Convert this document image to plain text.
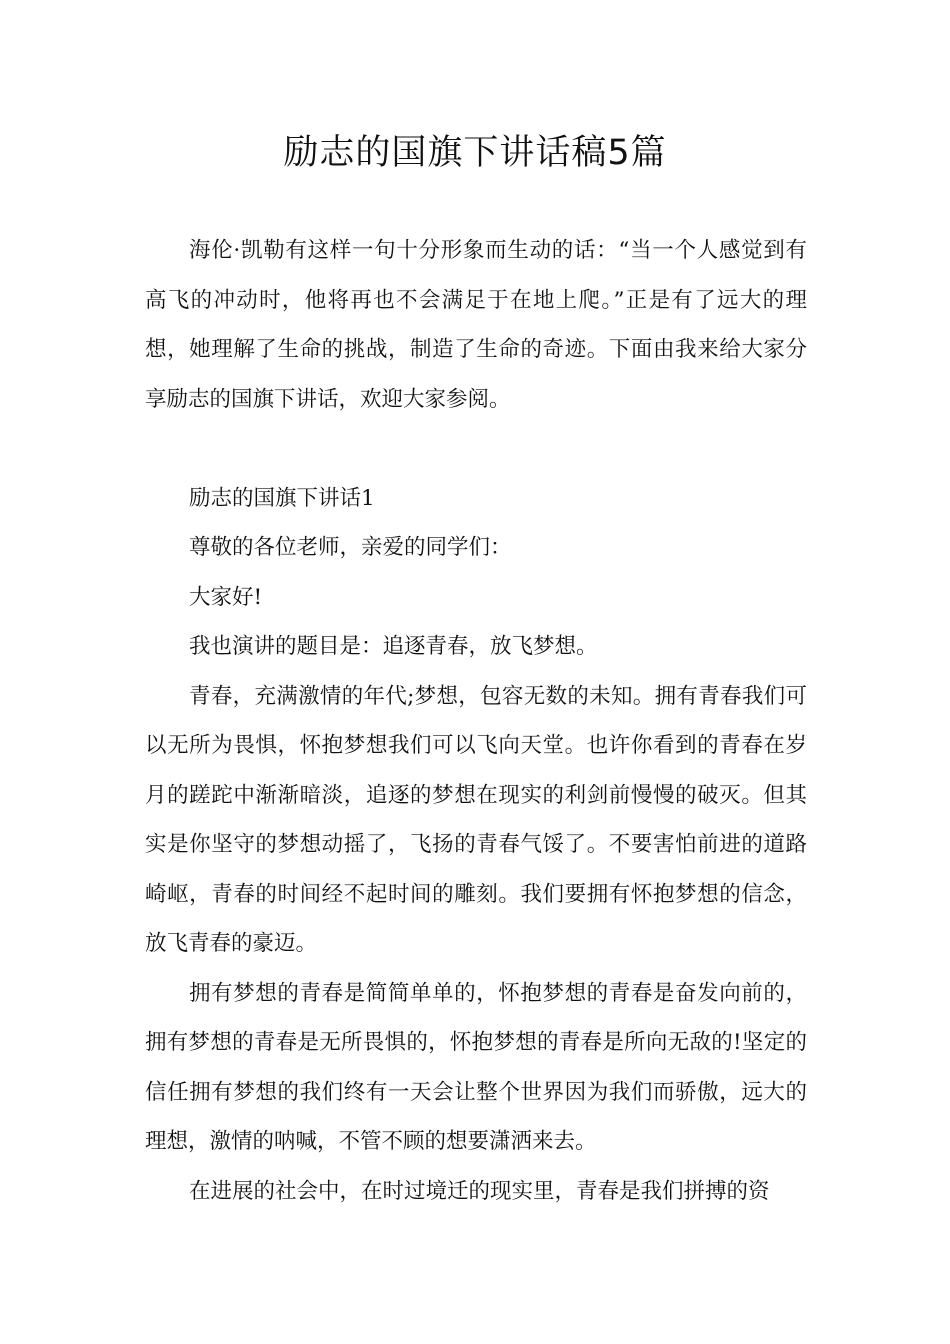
励志的国旗下讲话稿5篇

海伦·凯勒有这样一句十分形象而生动的话：“当一个人感觉到有高飞的冲动时，他将再也不会满足于在地上爬。”正是有了远大的理想，她理解了生命的挑战，制造了生命的奇迹。下面由我来给大家分享励志的国旗下讲话，欢迎大家参阅。

励志的国旗下讲话1

尊敬的各位老师，亲爱的同学们：

大家好!

我也演讲的题目是：追逐青春，放飞梦想。

青春，充满激情的年代;梦想，包容无数的未知。拥有青春我们可以无所为畏惧，怀抱梦想我们可以飞向天堂。也许你看到的青春在岁月的蹉跎中渐渐暗淡，追逐的梦想在现实的利剑前慢慢的破灭。但其实是你坚守的梦想动摇了，飞扬的青春气馁了。不要害怕前进的道路崎岖，青春的时间经不起时间的雕刻。我们要拥有怀抱梦想的信念，放飞青春的豪迈。

拥有梦想的青春是简简单单的，怀抱梦想的青春是奋发向前的，拥有梦想的青春是无所畏惧的，怀抱梦想的青春是所向无敌的!坚定的信任拥有梦想的我们终有一天会让整个世界因为我们而骄傲，远大的理想，激情的呐喊，不管不顾的想要潇洒来去。

在进展的社会中，在时过境迁的现实里，青春是我们拼搏的资
